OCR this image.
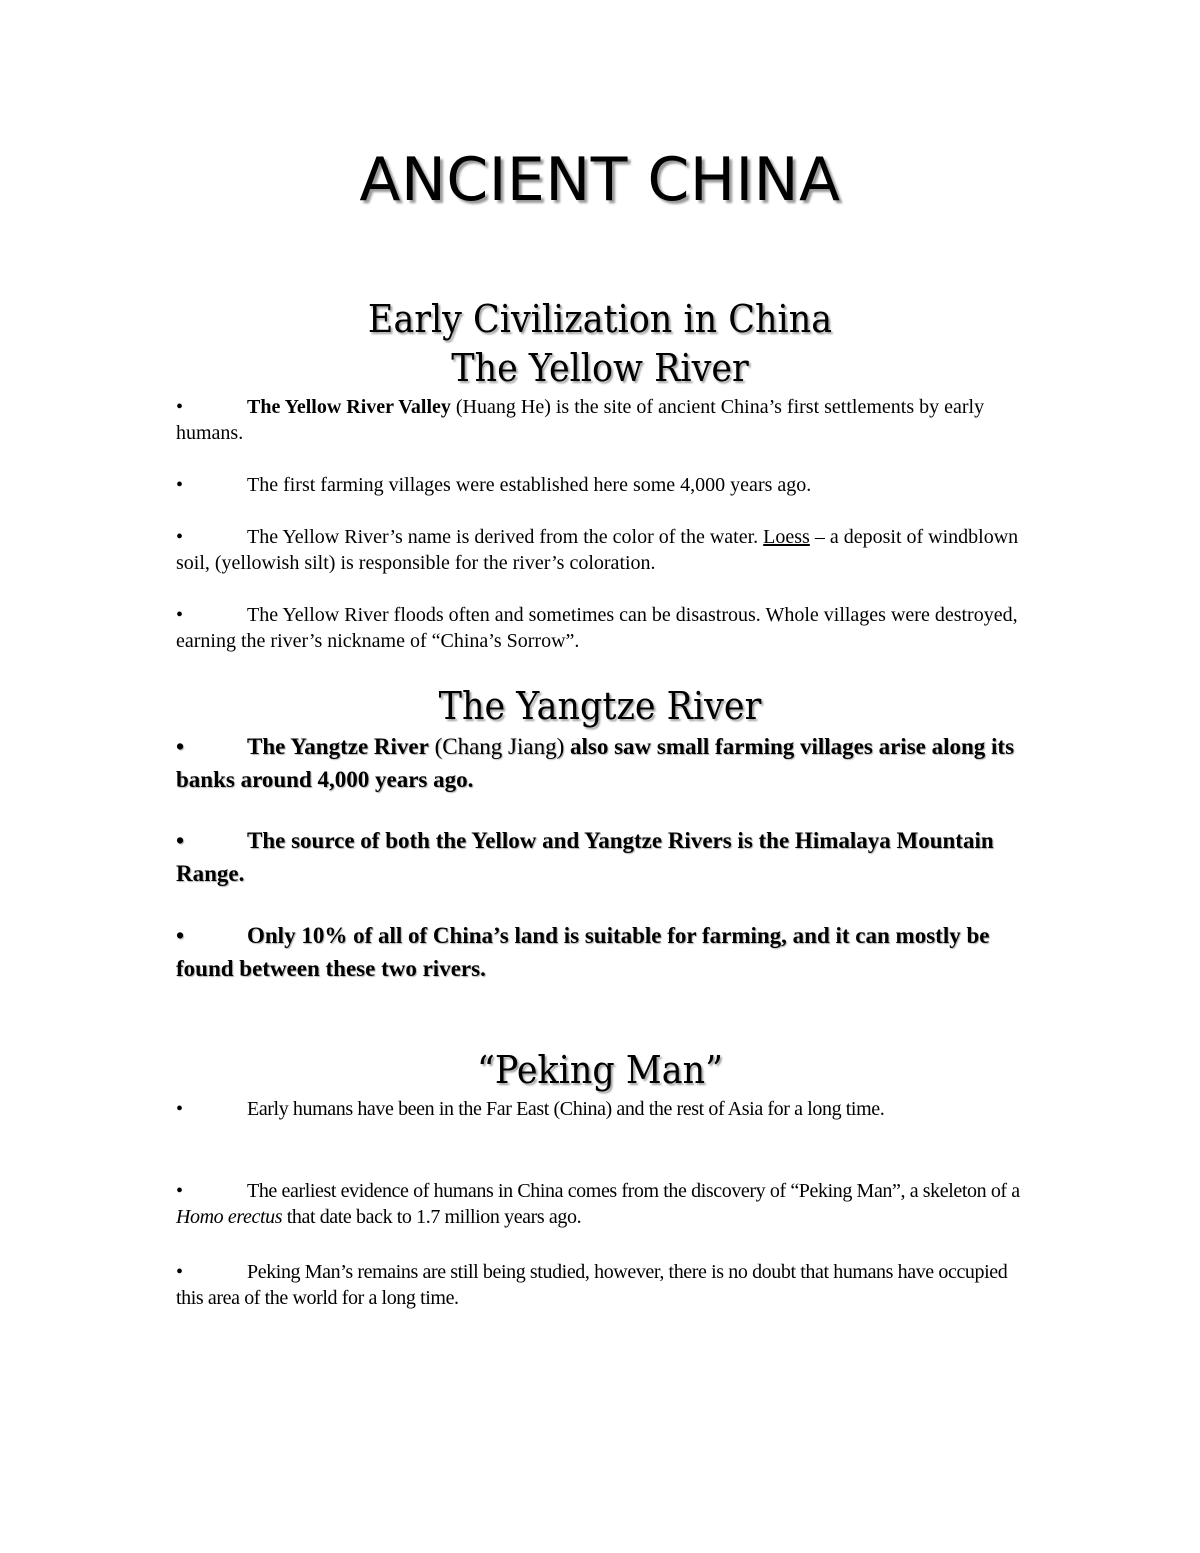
ANCIENT CHINA
Early Civilization in China
The Yellow River
•	The Yellow River Valley (Huang He) is the site of ancient China’s first settlements by early humans.
•	The first farming villages were established here some 4,000 years ago.
•	The Yellow River’s name is derived from the color of the water. Loess – a deposit of windblown soil, (yellowish silt) is responsible for the river’s coloration.
•	The Yellow River floods often and sometimes can be disastrous. Whole villages were destroyed, earning the river’s nickname of “China’s Sorrow”.
The Yangtze River
•	The Yangtze River (Chang Jiang) also saw small farming villages arise along its banks around 4,000 years ago.
•	The source of both the Yellow and Yangtze Rivers is the Himalaya Mountain Range.
•	Only 10% of all of China’s land is suitable for farming, and it can mostly be found between these two rivers.
“Peking Man”
•	Early humans have been in the Far East (China) and the rest of Asia for a long time.
•	The earliest evidence of humans in China comes from the discovery of “Peking Man”, a skeleton of a Homo erectus that date back to 1.7 million years ago.
•	Peking Man’s remains are still being studied, however, there is no doubt that humans have occupied this area of the world for a long time.
